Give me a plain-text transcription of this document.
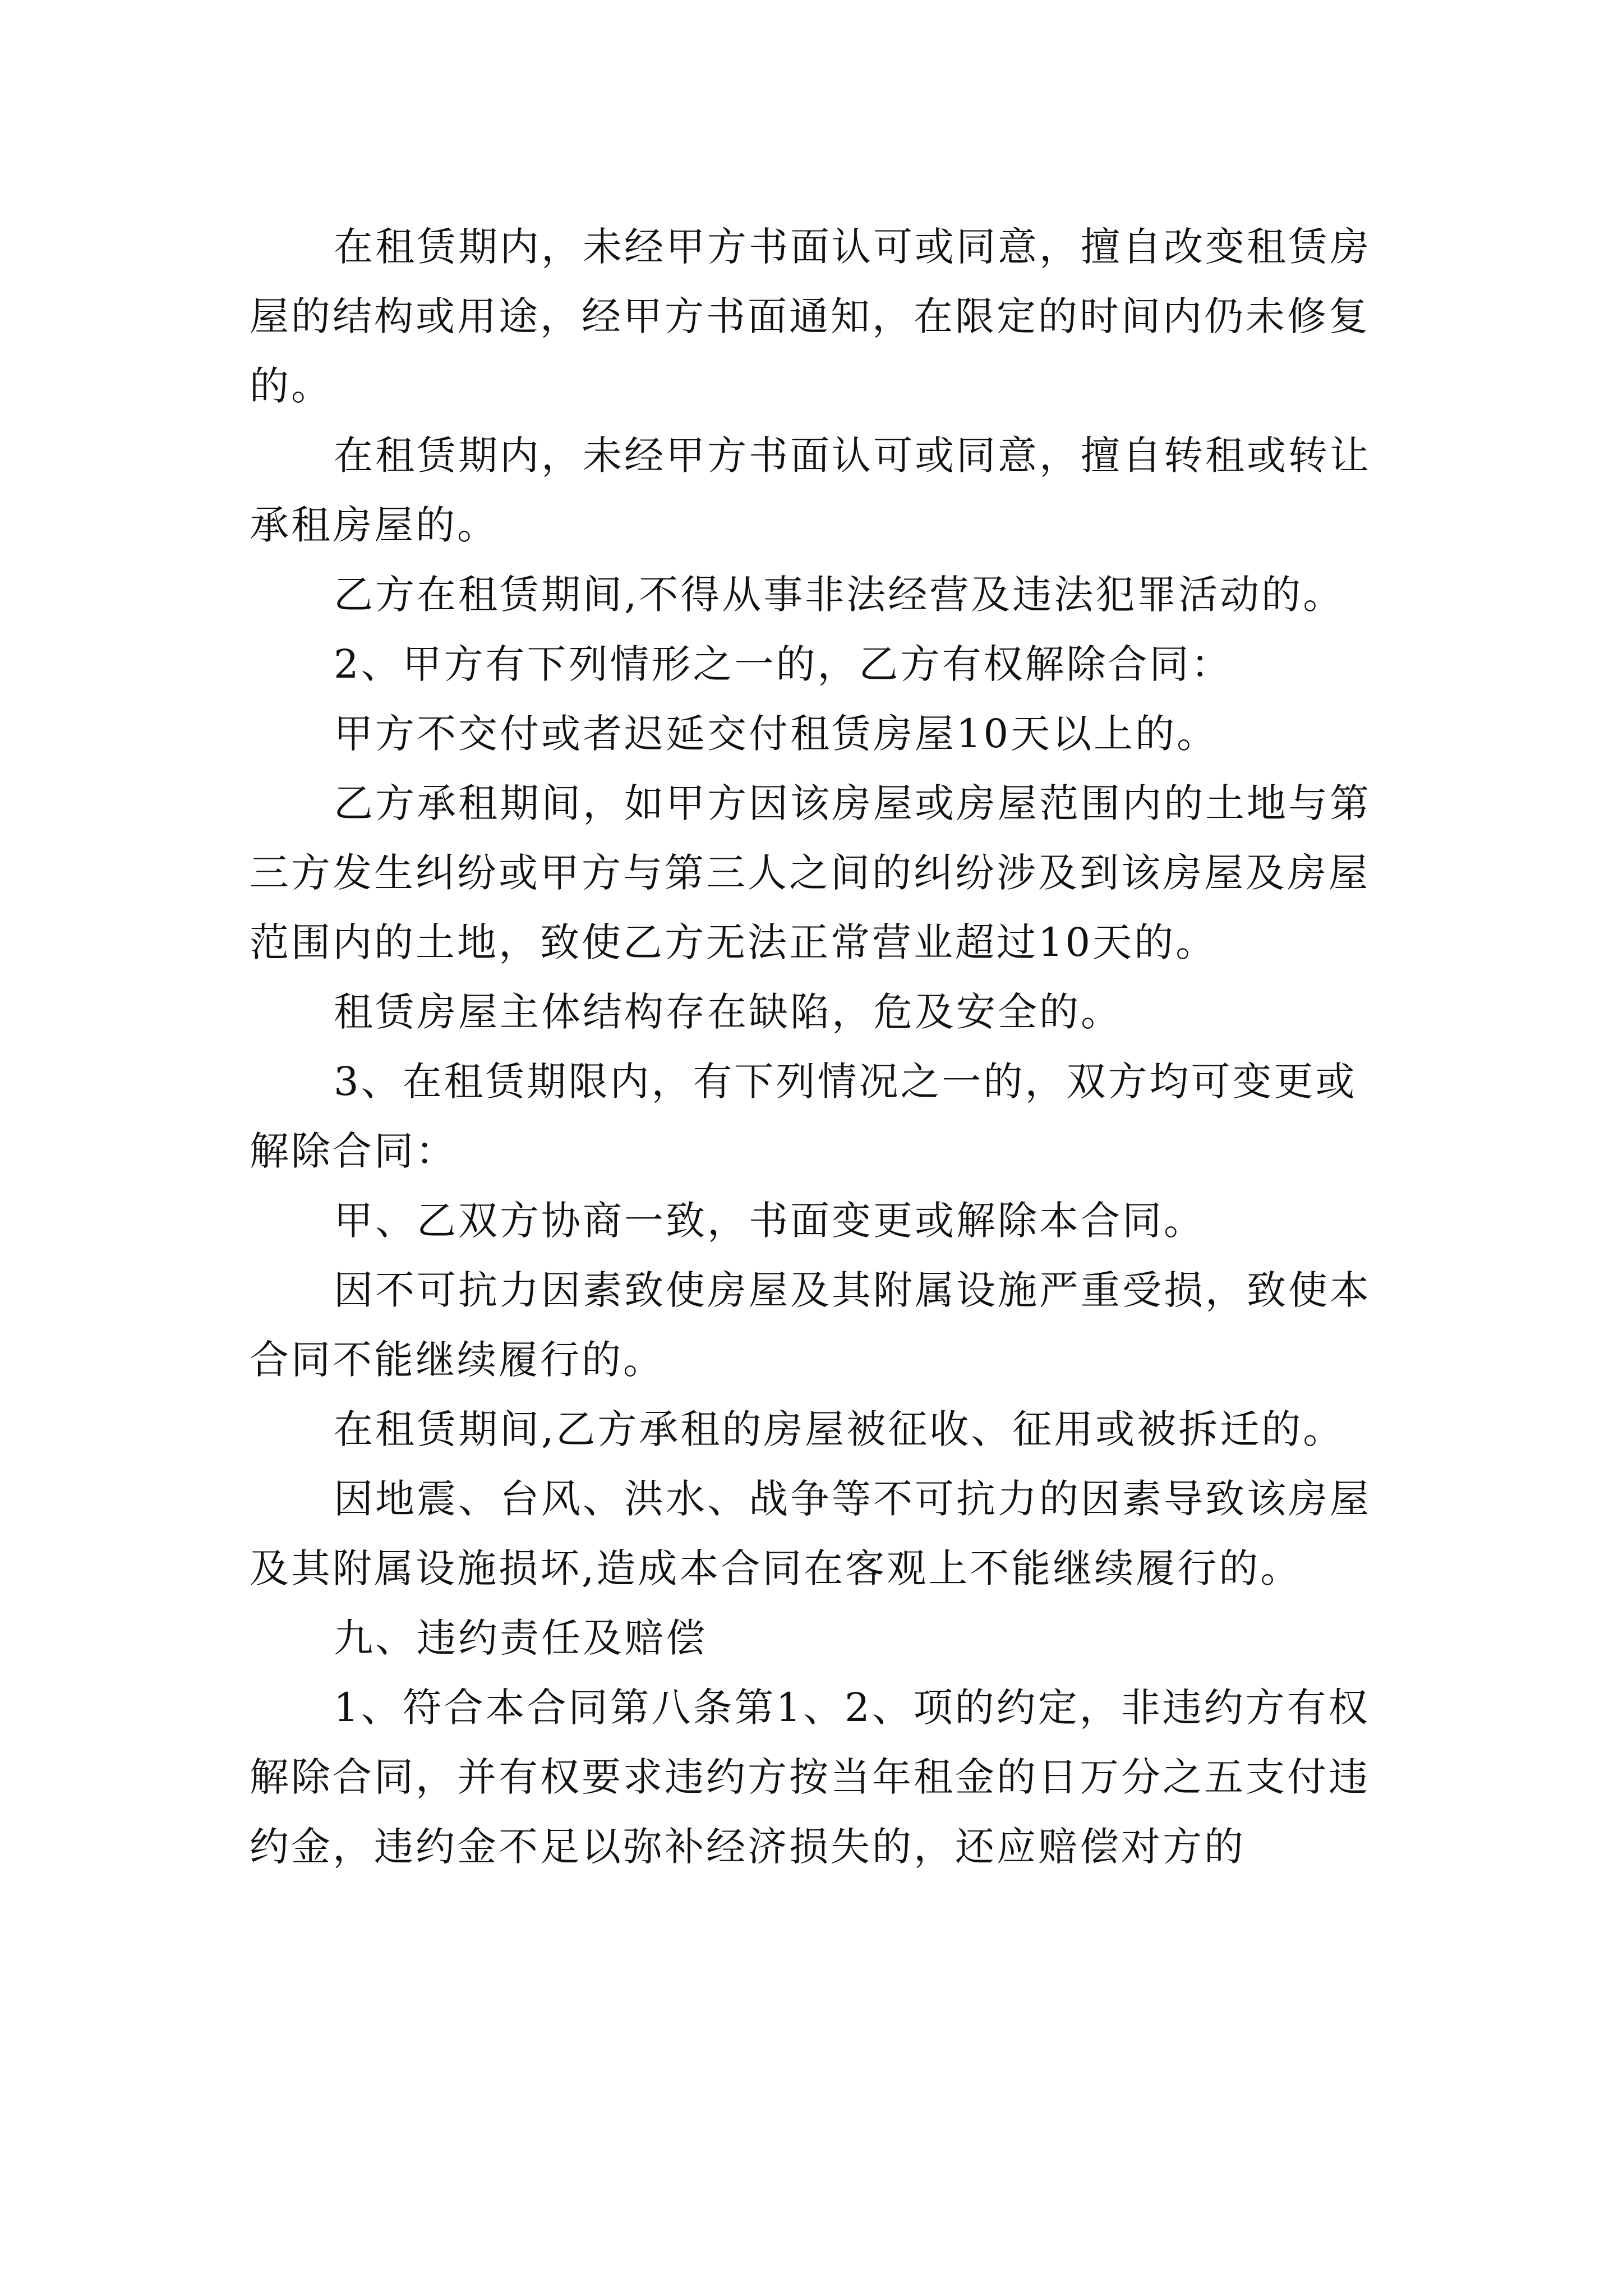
在租赁期内，未经甲方书面认可或同意，擅自改变租赁房屋的结构或用途，经甲方书面通知，在限定的时间内仍未修复的。

在租赁期内，未经甲方书面认可或同意，擅自转租或转让承租房屋的。

乙方在租赁期间,不得从事非法经营及违法犯罪活动的。

2、甲方有下列情形之一的，乙方有权解除合同：

甲方不交付或者迟延交付租赁房屋10天以上的。

乙方承租期间，如甲方因该房屋或房屋范围内的土地与第三方发生纠纷或甲方与第三人之间的纠纷涉及到该房屋及房屋范围内的土地，致使乙方无法正常营业超过10天的。

租赁房屋主体结构存在缺陷，危及安全的。

3、在租赁期限内，有下列情况之一的，双方均可变更或解除合同：

甲、乙双方协商一致，书面变更或解除本合同。

因不可抗力因素致使房屋及其附属设施严重受损，致使本合同不能继续履行的。

在租赁期间,乙方承租的房屋被征收、征用或被拆迁的。

因地震、台风、洪水、战争等不可抗力的因素导致该房屋及其附属设施损坏,造成本合同在客观上不能继续履行的。

九、违约责任及赔偿

1、符合本合同第八条第1、2、项的约定，非违约方有权解除合同，并有权要求违约方按当年租金的日万分之五支付违约金，违约金不足以弥补经济损失的，还应赔偿对方的
